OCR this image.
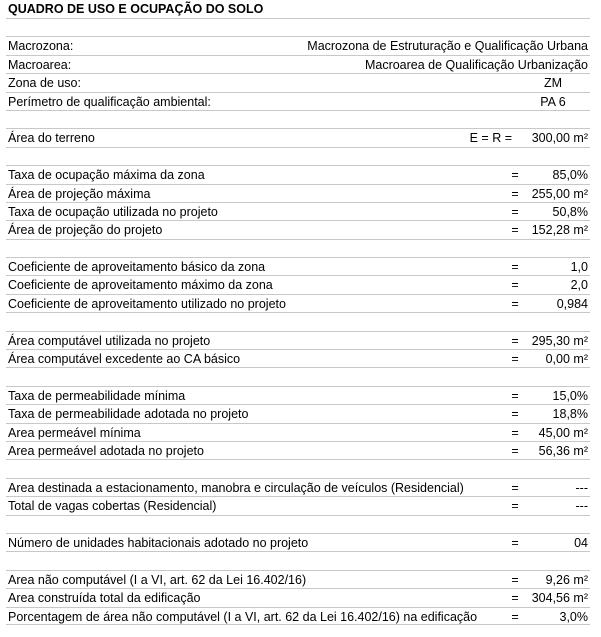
QUADRO DE USO E OCUPAÇÃO DO SOLO
Macrozona:	Macrozona de Estruturação e Qualificação Urbana
Macroarea:	Macroarea de Qualificação Urbanização
Zona de uso:	ZM
Perímetro de qualificação ambiental:	PA 6
Área do terreno	E = R = 300,00 m²
Taxa de ocupação máxima da zona	=	85,0%
Área de projeção máxima	=	255,00 m²
Taxa de ocupação utilizada no projeto	=	50,8%
Área de projeção do projeto	=	152,28 m²
Coeficiente de aproveitamento básico da zona	=	1,0
Coeficiente de aproveitamento máximo da zona	=	2,0
Coeficiente de aproveitamento utilizado no projeto	=	0,984
Área computável utilizada no projeto	=	295,30 m²
Área computável excedente ao CA básico	=	0,00 m²
Taxa de permeabilidade mínima	=	15,0%
Taxa de permeabilidade adotada no projeto	=	18,8%
Area permeável mínima	=	45,00 m²
Area permeável adotada no projeto	=	56,36 m²
Area destinada a estacionamento, manobra e circulação de veículos (Residencial)	=	---
Total de vagas cobertas (Residencial)	=	---
Número de unidades habitacionais adotado no projeto	=	04
Area não computável (I a VI, art. 62 da Lei 16.402/16)	=	9,26 m²
Area construída total da edificação	=	304,56 m²
Porcentagem de área não computável (I a VI, art. 62 da Lei 16.402/16) na edificação	=	3,0%
